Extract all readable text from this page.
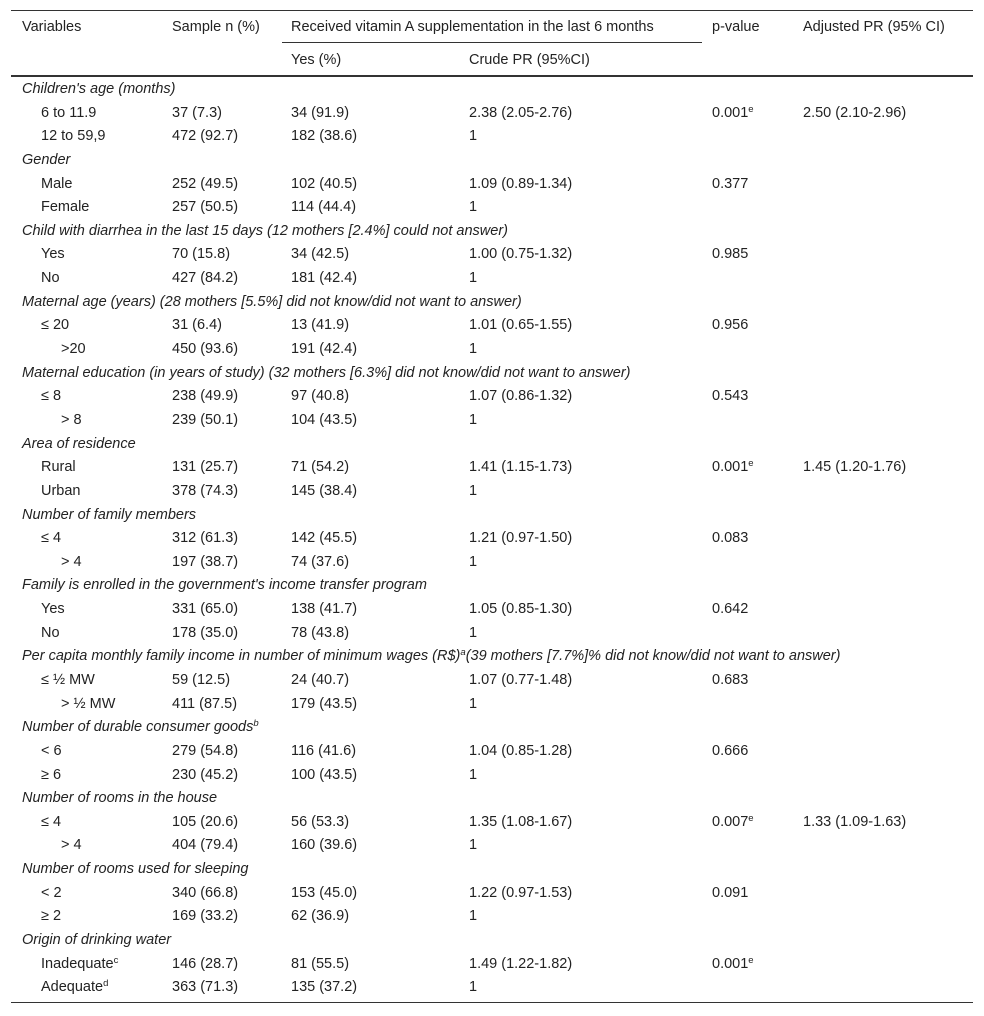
Variables	Sample n (%) Received vitamin A supplementation in the last 6 months	p-value	Adjusted PR (95% CI)
Yes (%)	Crude PR (95%CI)
Children's age (months)
6 to 11.9	37 (7.3)	34 (91.9)	2.38 (2.05-2.76)	0.001e	2.50 (2.10-2.96)
12 to 59,9	472 (92.7)	182 (38.6)	1
Gender
Male	252 (49.5)	102 (40.5)	1.09 (0.89-1.34)	0.377
Female	257 (50.5)	114 (44.4)	1
Child with diarrhea in the last 15 days (12 mothers [2.4%] could not answer)
Yes	70 (15.8)	34 (42.5)	1.00 (0.75-1.32)	0.985
No	427 (84.2)	181 (42.4)	1
Maternal age (years) (28 mothers [5.5%] did not know/did not want to answer)
≤ 20	31 (6.4)	13 (41.9)	1.01 (0.65-1.55)	0.956
>20	450 (93.6)	191 (42.4)	1
Maternal education (in years of study) (32 mothers [6.3%] did not know/did not want to answer)
≤ 8	238 (49.9)	97 (40.8)	1.07 (0.86-1.32)	0.543
> 8	239 (50.1)	104 (43.5)	1
Area of residence
Rural	131 (25.7)	71 (54.2)	1.41 (1.15-1.73)	0.001e	1.45 (1.20-1.76)
Urban	378 (74.3)	145 (38.4)	1
Number of family members
≤ 4	312 (61.3)	142 (45.5)	1.21 (0.97-1.50)	0.083
> 4	197 (38.7)	74 (37.6)	1
Family is enrolled in the government's income transfer program
Yes	331 (65.0)	138 (41.7)	1.05 (0.85-1.30)	0.642
No	178 (35.0)	78 (43.8)	1
Per capita monthly family income in number of minimum wages (R$)$^a$(39 mothers [7.7%]% did not know/did not want to answer)
≤ ½ MW	59 (12.5)	24 (40.7)	1.07 (0.77-1.48)	0.683
> ½ MW	411 (87.5)	179 (43.5)	1
Number of durable consumer goods$^b$
< 6	279 (54.8)	116 (41.6)	1.04 (0.85-1.28)	0.666
≥ 6	230 (45.2)	100 (43.5)	1
Number of rooms in the house
≤ 4	105 (20.6)	56 (53.3)	1.35 (1.08-1.67)	0.007e	1.33 (1.09-1.63)
> 4	404 (79.4)	160 (39.6)	1
Number of rooms used for sleeping
< 2	340 (66.8)	153 (45.0)	1.22 (0.97-1.53)	0.091
≥ 2	169 (33.2)	62 (36.9)	1
Origin of drinking water
Inadequate$^c$	146 (28.7)	81 (55.5)	1.49 (1.22-1.82)	0.001e
Adequate$^d$	363 (71.3)	135 (37.2)	1
